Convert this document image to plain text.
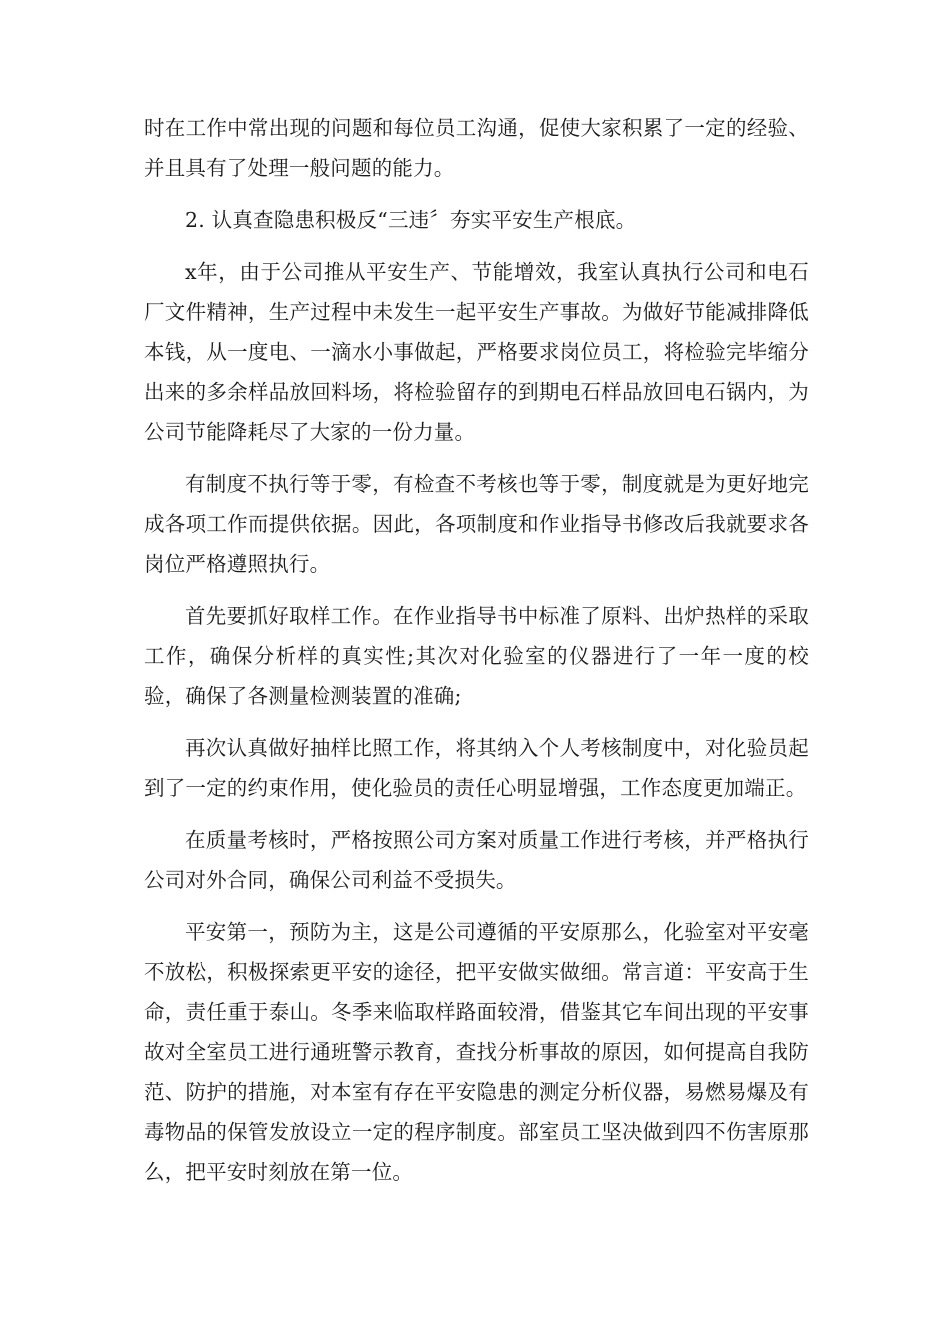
时在工作中常出现的问题和每位员工沟通，促使大家积累了一定的经验、并且具有了处理一般问题的能力。

2. 认真查隐患积极反“三违〞夯实平安生产根底。

x年，由于公司推从平安生产、节能增效，我室认真执行公司和电石厂文件精神，生产过程中未发生一起平安生产事故。为做好节能减排降低本钱，从一度电、一滴水小事做起，严格要求岗位员工，将检验完毕缩分出来的多余样品放回料场，将检验留存的到期电石样品放回电石锅内，为公司节能降耗尽了大家的一份力量。

有制度不执行等于零，有检查不考核也等于零，制度就是为更好地完成各项工作而提供依据。因此，各项制度和作业指导书修改后我就要求各岗位严格遵照执行。

首先要抓好取样工作。在作业指导书中标准了原料、出炉热样的采取工作，确保分析样的真实性;其次对化验室的仪器进行了一年一度的校验，确保了各测量检测装置的准确;

再次认真做好抽样比照工作，将其纳入个人考核制度中，对化验员起到了一定的约束作用，使化验员的责任心明显增强，工作态度更加端正。

在质量考核时，严格按照公司方案对质量工作进行考核，并严格执行公司对外合同，确保公司利益不受损失。

平安第一，预防为主，这是公司遵循的平安原那么，化验室对平安毫不放松，积极探索更平安的途径，把平安做实做细。常言道：平安高于生命，责任重于泰山。冬季来临取样路面较滑，借鉴其它车间出现的平安事故对全室员工进行通班警示教育，查找分析事故的原因，如何提高自我防范、防护的措施，对本室有存在平安隐患的测定分析仪器，易燃易爆及有毒物品的保管发放设立一定的程序制度。部室员工坚决做到四不伤害原那么，把平安时刻放在第一位。
